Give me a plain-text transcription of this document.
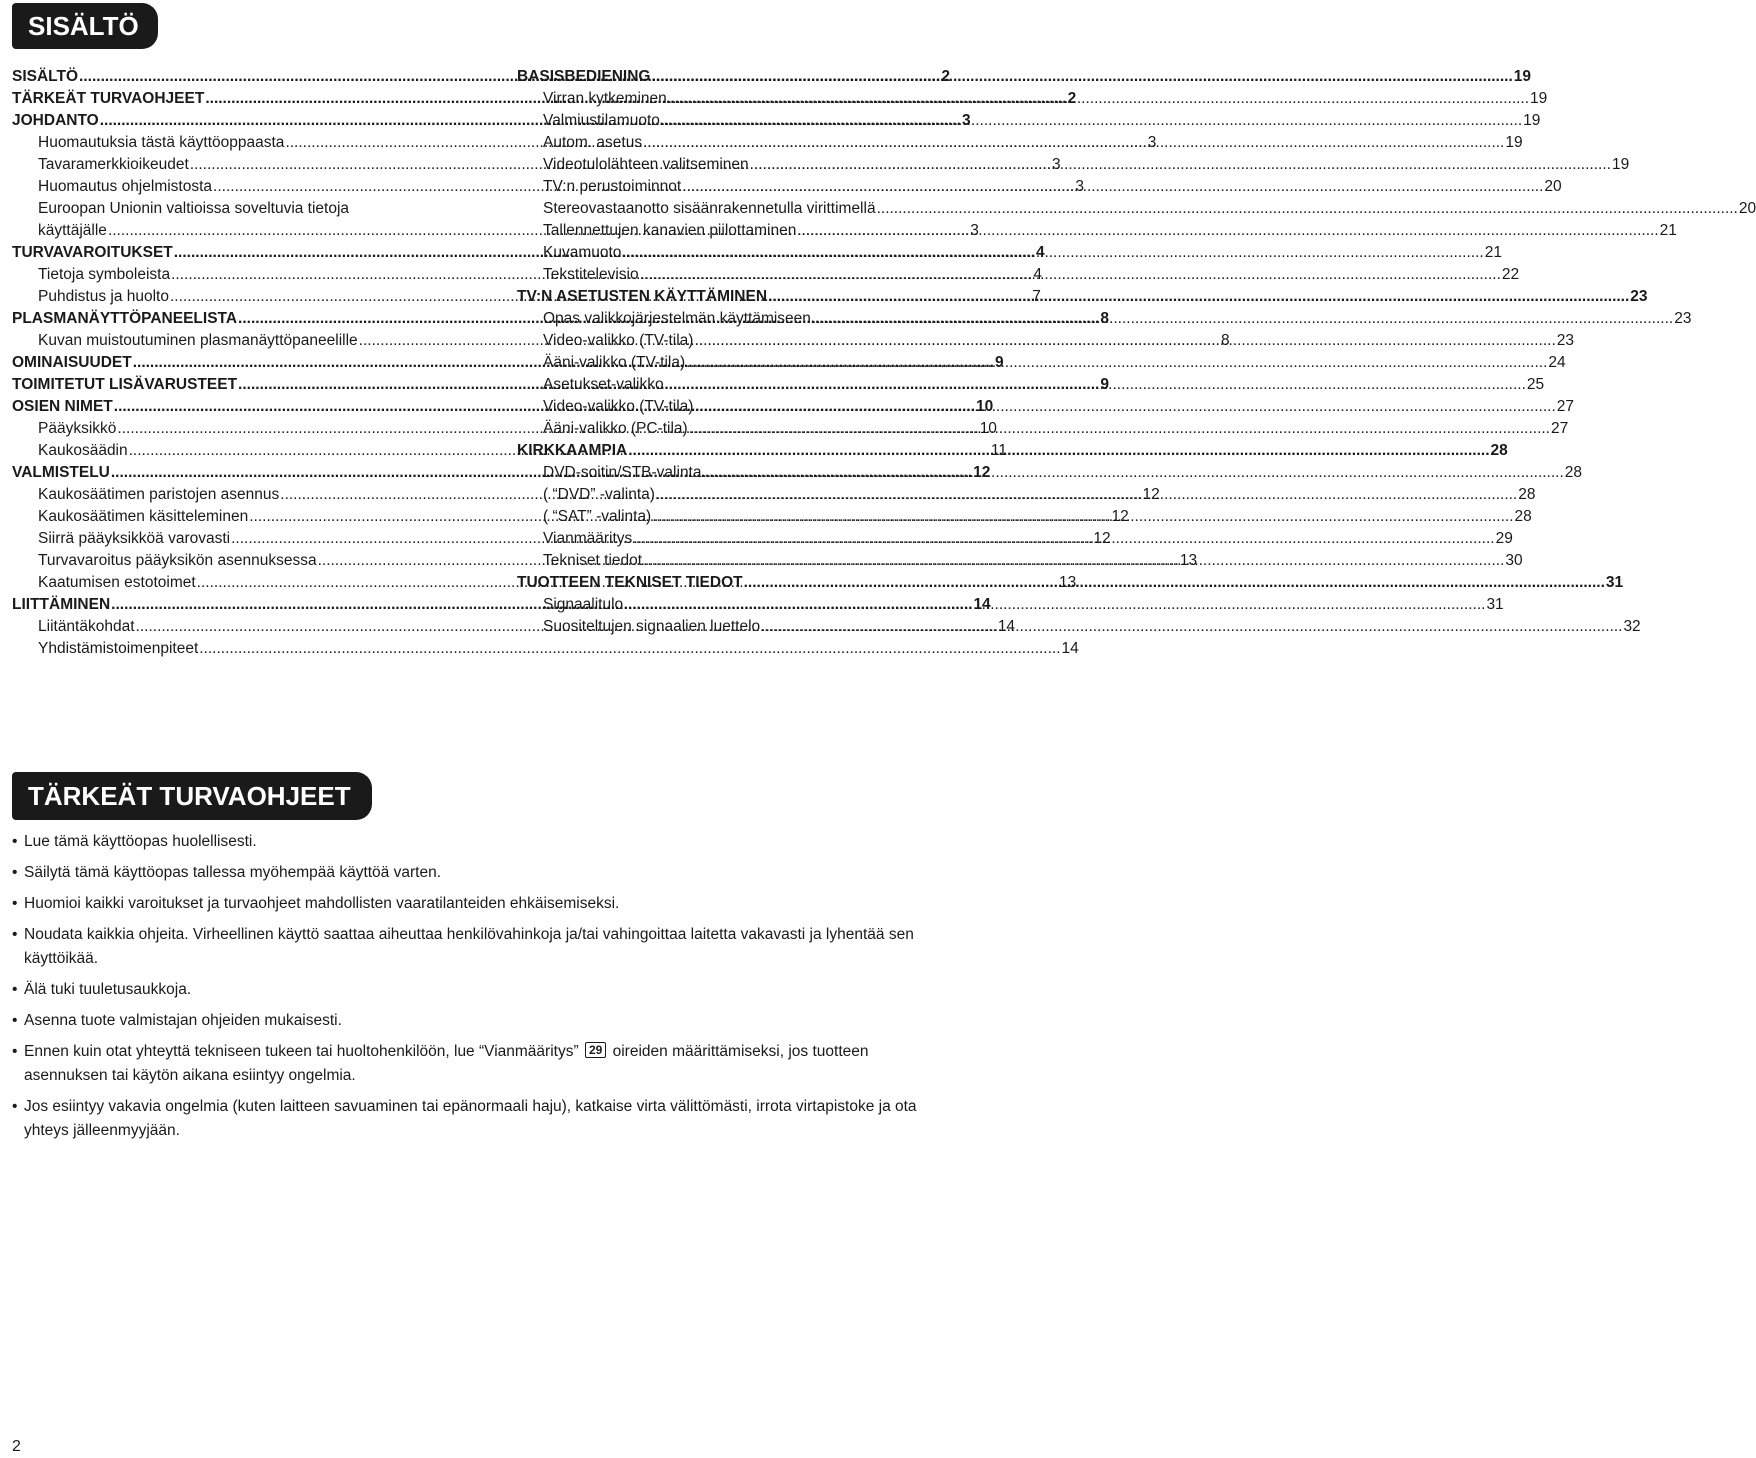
SISÄLTÖ
SISÄLTÖ .....	2
TÄRKEÄT TURVAOHJEET .....	2
JOHDANTO .....	3
Huomautuksia tästä käyttöoppaasta .....	3
Tavaramerkkioikeudet .....	3
Huomautus ohjelmistosta .....	3
Euroopan Unionin valtioissa soveltuvia tietoja
käyttäjälle .....	3
TURVAVAROITUKSET .....	4
Tietoja symboleista .....	4
Puhdistus ja huolto .....	7
PLASMANÄYTTÖPANEELISTA .....	8
Kuvan muistoutuminen plasmanäyttöpaneelille .....	8
OMINAISUUDET .....	9
TOIMITETUT LISÄVARUSTEET .....	9
OSIEN NIMET .....	10
Pääyksikkö .....	10
Kaukosäädin .....	11
VALMISTELU .....	12
Kaukosäätimen paristojen asennus .....	12
Kaukosäätimen käsitteleminen .....	12
Siirrä pääyksikköä varovasti .....	12
Turvavaroitus pääyksikön asennuksessa .....	13
Kaatumisen estotoimet .....	13
LIITTÄMINEN .....	14
Liitäntäkohdat .....	14
Yhdistämistoimenpiteet .....	14
BASISBEDIENING .....	19
Virran kytkeminen .....	19
Valmiustilamuoto .....	19
Autom. asetus .....	19
Videotulolähteen valitseminen .....	19
TV:n perustoiminnot .....	20
Stereovastaanotto sisäänrakennetulla virittimellä .....	20
Tallennettujen kanavien piilottaminen .....	21
Kuvamuoto .....	21
Tekstitelevisio .....	22
TV:N ASETUSTEN KÄYTTÄMINEN .....	23
Opas valikkojärjestelmän käyttämiseen .....	23
Video-valikko (TV-tila) .....	23
Ääni-valikko (TV-tila) .....	24
Asetukset-valikko .....	25
Video-valikko (TV-tila) .....	27
Ääni-valikko (PC-tila) .....	27
KIRKKAAMPIA .....	28
DVD-soitin/STB-valinta .....	28
( “DVD” -valinta) .....	28
( “SAT” -valinta) .....	28
Vianmääritys .....	29
Tekniset tiedot .....	30
TUOTTEEN TEKNISET TIEDOT .....	31
Signaalitulo .....	31
Suositeltujen signaalien luettelo .....	32
TÄRKEÄT TURVAOHJEET
• Lue tämä käyttöopas huolellisesti.
• Säilytä tämä käyttöopas tallessa myöhempää käyttöä varten.
• Huomioi kaikki varoitukset ja turvaohjeet mahdollisten vaaratilanteiden ehkäisemiseksi.
• Noudata kaikkia ohjeita. Virheellinen käyttö saattaa aiheuttaa henkilövahinkoja ja/tai vahingoittaa laitetta vakavasti ja lyhentää sen käyttöikää.
• Älä tuki tuuletusaukkoja.
• Asenna tuote valmistajan ohjeiden mukaisesti.
• Ennen kuin otat yhteyttä tekniseen tukeen tai huoltohenkilöön, lue “Vianmääritys” 29 oireiden määrittämiseksi, jos tuotteen asennuksen tai käytön aikana esiintyy ongelmia.
• Jos esiintyy vakavia ongelmia (kuten laitteen savuaminen tai epänormaali haju), katkaise virta välittömästi, irrota virtapistoke ja ota yhteys jälleenmyyjään.
2
